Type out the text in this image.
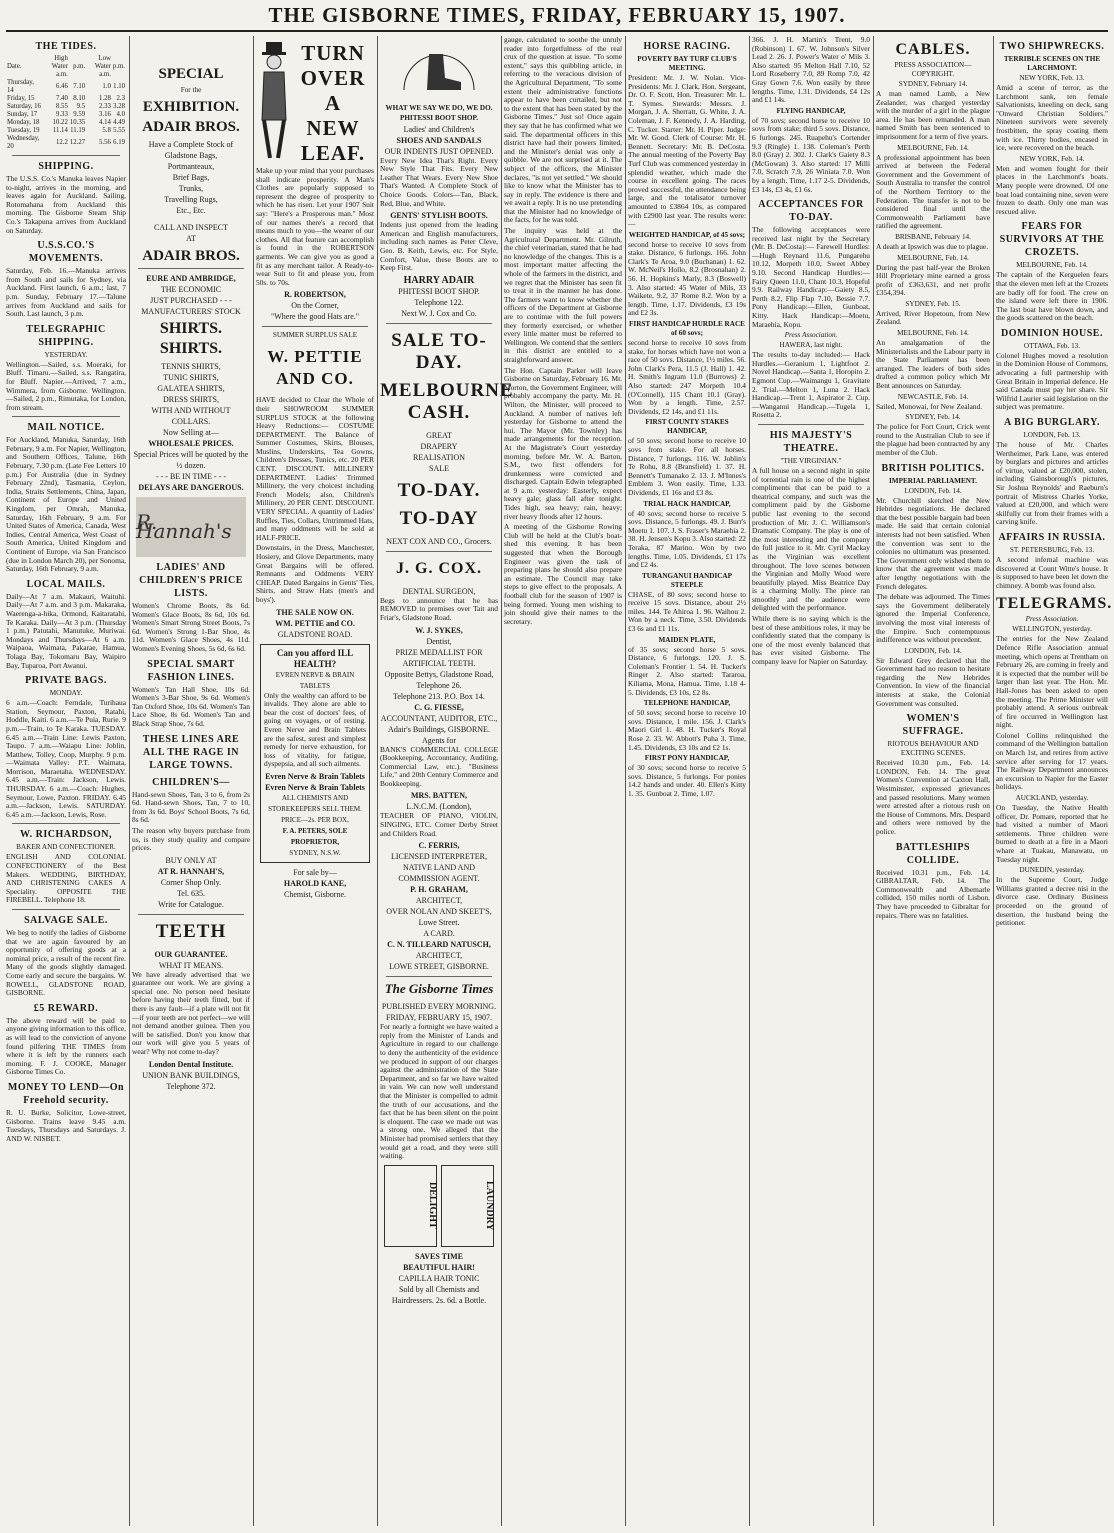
THE GISBORNE TIMES, FRIDAY, FEBRUARY 15, 1907.
THE TIDES.
Date.	High Water a.m.	p.m.	Low Water a.m.	p.m.
Thursday, 14	6.46	7.10	1.0	1.10
Friday, 15	7.40	8.10	1.28	2.3
Saturday, 16	8.55	9.5	2.33	3.28
Sunday, 17	9.33	9.59	3.16	4.0
Monday, 18	10.22	10.35	4.14	4.49
Tuesday, 19	11.14	11.19	5.8	5.55
Wednesday, 20	12.2	12.27	5.56	6.19
SHIPPING.

The U.S.S. Co.'s Manuka leaves Napier to-night, arrives in the morning, and leaves again for Auckland. Sailing, Rotomahana from Auckland this morning. The Gisborne Steam Ship Co.'s Takapuna arrives from Auckland on Saturday.

U.S.S.CO.'S MOVEMENTS.

Saturday, Feb. 16.—Manuka arrives from South and sails for Sydney, via Auckland. First launch, 6 a.m.; last, 7 p.m. Sunday, February 17.—Talune arrives from Auckland and sails for South. Last launch, 3 p.m.

TELEGRAPHIC SHIPPING.
YESTERDAY.

Wellington.—Sailed, s.s. Moeraki, for Bluff. Timaru.—Sailed, s.s. Rangatira, for Bluff. Napier.—Arrived, 7 a.m., Wimmera, from Gisborne. Wellington.—Sailed, 2 p.m., Rimutaka, for London, from stream.

MAIL NOTICE.

For Auckland, Manuka, Saturday, 16th February, 9 a.m. For Napier, Wellington, and Southern Offices, Talune, 16th February, 7.30 p.m. (Late Fee Letters 10 p.m.) For Australia (due in Sydney February 22nd), Tasmania, Ceylon, India, Straits Settlements, China, Japan, Continent of Europe and United Kingdom, per Omrah, Manuka, Saturday, 16th February, 9 a.m. For United States of America, Canada, West Indies, Central America, West Coast of South America, United Kingdom and Continent of Europe, via San Francisco (due in London March 20), per Sonoma, Saturday, 16th February, 9 a.m.

LOCAL MAILS.

Daily—At 7 a.m. Makauri, Waituhi. Daily—At 7 a.m. and 3 p.m. Makaraka, Waerenga-a-hika, Ormond, Kaitaratahi, Te Karaka. Daily—At 3 p.m. (Thursday 1 p.m.) Patutahi, Manutuke, Muriwai. Mondays and Thursdays—At 6 a.m. Waipaoa, Waimata, Pakarae, Hamua, Tolaga Bay, Tokomaru Bay, Waipiro Bay, Tuparoa, Port Awanui.

PRIVATE BAGS.
MONDAY.

6 a.m.—Coach: Ferndale, Turihaua Station, Seymour, Paxton, Ratahi, Hoddle, Kaiti. 6 a.m.—Te Puia, Rurie. 9 p.m.—Train, to Te Karaka. TUESDAY. 6.45 a.m.—Train Line: Lewis Paxton, Taupo. 7 a.m.—Waiapu Line: Joblin, Matthew, Tolley, Coop, Murphy. 9 p.m.—Waimata Valley: P.T. Waimata, Morrison, Maraetaha. WEDNESDAY. 6.45 a.m.—Train: Jackson, Lewis. THURSDAY. 6 a.m.—Coach: Hughes, Seymour, Lowe, Paxton. FRIDAY. 6.45 a.m.—Jackson, Lewis. SATURDAY. 6.45 a.m.—Jackson, Lewis, Rose.

W. RICHARDSON,
BAKER AND CONFECTIONER.

ENGLISH AND COLONIAL CONFECTIONERY of the Best Makers. WEDDING, BIRTHDAY, AND CHRISTENING CAKES A Speciality. OPPOSITE THE FIREBELL. Telephone 18.

SALVAGE SALE.

We beg to notify the ladies of Gisborne that we are again favoured by an opportunity of offering goods at a nominal price, a result of the recent fire. Many of the goods slightly damaged. Come early and secure the bargains. W. ROWELL, GLADSTONE ROAD, GISBORNE.

£5 REWARD.

The above reward will be paid to anyone giving information to this office, as will lead to the conviction of anyone found pilfering THE TIMES from where it is left by the runners each morning. F. J. COOKE, Manager Gisborne Times Co.

MONEY TO LEND—On Freehold security.

R. U. Burke, Solicitor, Lowe-street, Gisborne. Trains leave 9.45 a.m. Tuesdays, Thursdays and Saturdays. J. AND W. NISBET.

SPECIAL
For the
EXHIBITION.
ADAIR BROS.
Have a Complete Stock of
Gladstone Bags,
Portmanteaux,
Brief Bags,
Trunks,
Travelling Rugs,
Etc., Etc.
CALL AND INSPECT
AT
ADAIR BROS.
EURE AND AMBRIDGE,
THE ECONOMIC
JUST PURCHASED - - -
MANUFACTURERS' STOCK
SHIRTS.
SHIRTS.
TENNIS SHIRTS,
TUNIC SHIRTS,
GALATEA SHIRTS,
DRESS SHIRTS,
WITH AND WITHOUT COLLARS.
Now Selling at—
WHOLESALE PRICES.
Special Prices will be quoted by the ½ dozen.
- - - BE IN TIME - - -
DELAYS ARE DANGEROUS.
R. Hannah's
LADIES' AND CHILDREN'S PRICE LISTS.

Women's Chrome Boots, 8s 6d. Women's Glace Boots, 8s 6d, 10s 6d. Women's Smart Strong Street Boots, 7s 6d. Women's Strong 1-Bar Shoe, 4s 11d. Women's Glace Shoes, 4s 11d. Women's Evening Shoes, 5s 6d, 6s 6d.

SPECIAL SMART FASHION LINES.

Women's Tan Hall Shoe, 10s 6d. Women's 3-Bar Shoe, 9s 6d. Women's Tan Oxford Shoe, 10s 6d. Women's Tan Lace Shoe, 8s 6d. Women's Tan and Black Strap Shoe, 7s 6d.

THESE LINES ARE ALL THE RAGE IN LARGE TOWNS.
CHILDREN'S—

Hand-sewn Shoes, Tan, 3 to 6, from 2s 6d. Hand-sewn Shoes, Tan, 7 to 10, from 3s 6d. Boys' School Boots, 7s 6d, 8s 6d.

The reason why buyers purchase from us, is they study quality and compare prices.

BUY ONLY AT
AT R. HANNAH'S,
Corner Shop Only.
Tel. 635.
Write for Catalogue.
TEETH
OUR GUARANTEE.
WHAT IT MEANS.

We have already advertised that we guarantee our work. We are giving a special one. No person need hesitate before having their teeth fitted, but if there is any fault—if a plate will not fit—if your teeth are not perfect—we will not demand another guinea. Then you will be satisfied. Don't you know that our work will give you 5 years of wear? Why not come to-day?

London Dental Institute.
UNION BANK BUILDINGS,
Telephone 372.
TURN
OVER
A
NEW
LEAF.

Make up your mind that your purchases shall indicate prosperity. A Man's Clothes are popularly supposed to represent the degree of prosperity to which he has risen. Let your 1907 Suit say: "Here's a Prosperous man." Most of our names there's a record that means much to you—the wearer of our clothes. All that feature can accomplish is found in the ROBERTSON garments. We can give you as good a fit as any merchant tailor. A Ready-to-wear Suit to fit and please you, from 50s. to 70s.

R. ROBERTSON,
On the Corner,
"Where the good Hats are."
SUMMER SURPLUS SALE
W. PETTIE AND CO.

HAVE decided to Clear the Whole of their SHOWROOM SUMMER SURPLUS STOCK at the following Heavy Reductions:— COSTUME DEPARTMENT. The Balance of Summer Costumes, Skirts, Blouses, Muslins, Underskirts, Tea Gowns, Children's Dresses, Tunics, etc. 20 PER CENT. DISCOUNT. MILLINERY DEPARTMENT. Ladies' Trimmed Millinery, the very choicest including French Models; also, Children's Millinery, 20 PER CENT. DISCOUNT. VERY SPECIAL. A quantity of Ladies' Ruffles, Ties, Collars, Untrimmed Hats, and many oddments will be sold at HALF-PRICE.

Downstairs, in the Dress, Manchester, Hosiery, and Glove Departments, many Great Bargains will be offered. Remnants and Oddments VERY CHEAP. Dated Bargains in Gents' Ties, Shirts, and Straw Hats (men's and boys').

THE SALE NOW ON.
WM. PETTIE and CO.
GLADSTONE ROAD.
Can you afford ILL HEALTH?
EVREN NERVE & BRAIN TABLETS

Only the wealthy can afford to be invalids. They alone are able to bear the cost of doctors' fees, of going on voyages, or of resting. Evren Nerve and Brain Tablets are the safest, surest and simplest remedy for nerve exhaustion, for loss of vitality, for fatigue, dyspepsia, and all such ailments.

Evren Nerve & Brain Tablets
Evren Nerve & Brain Tablets
ALL CHEMISTS AND STOREKEEPERS SELL THEM.
PRICE—2s. PER BOX,
F. A. PETERS, SOLE PROPRIETOR,
SYDNEY, N.S.W.
For sale by—
HAROLD KANE,
Chemist, Gisborne.
WHAT WE SAY WE DO, WE DO.
PHITESSI BOOT SHOP.
Ladies' and Children's
SHOES AND SANDALS
OUR INDENTS JUST OPENED.

Every New Idea That's Right. Every New Style That Fits. Every New Leather That Wears. Every New Shoe That's Wanted. A Complete Stock of Choice Goods. Colors—Tan, Black, Red, Blue, and White.

GENTS' STYLISH BOOTS.

Indents just opened from the leading American and English manufacturers, including such names as Peter Cleve, Geo. B. Keith, Lewis, etc. For Style, Comfort, Value, these Boots are to Keep First.

HARRY ADAIR
PHITESSI BOOT SHOP.
Telephone 122.
Next W. J. Cox and Co.
SALE TO-DAY.
MELBOURNE CASH.
GREAT
DRAPERY
REALISATION
SALE
TO-DAY.
TO-DAY
NEXT COX AND CO., Grocers.
J. G. COX.
DENTAL SURGEON,

Begs to announce that he has REMOVED to premises over Tait and Friar's, Gladstone Road.

W. J. SYKES,
Dentist,
PRIZE MEDALLIST FOR ARTIFICIAL TEETH.
Opposite Bettys, Gladstone Road, Telephone 26.
Telephone 213. P.O. Box 14.
C. G. FIESSE,
ACCOUNTANT, AUDITOR, ETC.,
Adair's Buildings, GISBORNE.
Agents for

BANK'S COMMERCIAL COLLEGE (Bookkeeping, Accountancy, Auditing, Commercial Law, etc.). "Business Life," and 20th Century Commerce and Bookkeeping.

MRS. BATTEN,
L.N.C.M. (London),

TEACHER OF PIANO, VIOLIN, SINGING, ETC. Corner Derby Street and Childers Road.

C. FERRIS,
LICENSED INTERPRETER, NATIVE LAND AND COMMISSION AGENT.
P. H. GRAHAM,
ARCHITECT,
OVER NOLAN AND SKEET'S, Lowe Street.
A CARD.
C. N. TILLEARD NATUSCH,
ARCHITECT,
LOWE STREET, GISBORNE.
The Gisborne Times
PUBLISHED EVERY MORNING.
FRIDAY, FEBRUARY 15, 1907.

For nearly a fortnight we have waited a reply from the Minister of Lands and Agriculture in regard to our challenge to deny the authenticity of the evidence we produced in support of our charges against the administration of the State Department, and so far we have waited in vain. We can now well understand that the Minister is compelled to admit the truth of our accusations, and the fact that he has been silent on the point is eloquent. The case we made out was a strong one. We alleged that the Minister had promised settlers that they would get a road, and they were still waiting.

DELIGHT	LAUNDRY
SAVES TIME
BEAUTIFUL HAIR!
CAPILLA HAIR TONIC
Sold by all Chemists and Hairdressers. 2s. 6d. a Bottle.

gauge, calculated to soothe the unruly reader into forgetfulness of the real crux of the question at issue. "To some extent," says this quibbling article, in referring to the veracious division of the Agricultural Department, "To some extent their administrative functions appear to have been curtailed, but not to the extent that has been stated by the Gisborne Times." Just so! Once again they say that he has confirmed what we said. The departmental officers in this district have had their powers limited, and the Minister's denial was only a quibble. We are not surprised at it. The subject of the officers, the Minister declares, "is not yet settled." We should like to know what the Minister has to say in reply. The evidence is there and we await a reply. It is no use pretending that the Minister had no knowledge of the facts, for he was told.

The inquiry was held at the Agricultural Department. Mr. Gilruth, the chief veterinarian, stated that he had no knowledge of the changes. This is a most important matter affecting the whole of the farmers in the district, and we regret that the Minister has seen fit to treat it in the manner he has done. The farmers want to know whether the officers of the Department at Gisborne are to continue with the full powers they formerly exercised, or whether every little matter must be referred to Wellington. We contend that the settlers in this district are entitled to a straightforward answer.

The Hon. Captain Parker will leave Gisborne on Saturday, February 16. Mr. Morton, the Government Engineer, will probably accompany the party. Mr. H. Wilton, the Minister, will proceed to Auckland. A number of natives left yesterday for Gisborne to attend the hui. The Mayor (Mr. Townley) has made arrangements for the reception. At the Magistrate's Court yesterday morning, before Mr. W. A. Barton, S.M., two first offenders for drunkenness were convicted and discharged. Captain Edwin telegraphed at 9 a.m. yesterday: Easterly, expect heavy gale; glass fall after tonight. Tides high, sea heavy; rain, heavy; river heavy floods after 12 hours.

A meeting of the Gisborne Rowing Club will be held at the Club's boat-shed this evening. It has been suggested that when the Borough Engineer was given the task of preparing plans he should also prepare an estimate. The Council may take steps to give effect to the proposals. A football club for the season of 1907 is being formed. Young men wishing to join should give their names to the secretary.

HORSE RACING.
POVERTY BAY TURF CLUB'S MEETING.

President: Mr. J. W. Nolan. Vice-Presidents: Mr. J. Clark, Hon. Sergeant, Dr. O. F. Scott, Hon. Treasurer: Mr. L. T. Symes. Stewards: Messrs. J. Morgan, J. A. Sherratt, G. White, J. A. Coleman, J. F. Kennedy, J. A. Harding, C. Tucker. Starter: Mr. H. Piper. Judge: Mr. W. Good. Clerk of Course: Mr. H. Bennett. Secretary: Mr. B. DeCosta. The annual meeting of the Poverty Bay Turf Club was commenced yesterday in splendid weather, which made the course in excellent going. The races proved successful, the attendance being large, and the totalisator turnover amounted to £3864 10s, as compared with £2900 last year. The results were:—

WEIGHTED HANDICAP, of 45 sovs;

second horse to receive 10 sovs from stake. Distance, 6 furlongs. 166. John Clark's Te Aroa, 9.0 (Buchanan) 1. 62. W. McNeil's Hollo, 8.2 (Brosnahan) 2. 56. H. Hopkins's Marly, 8.3 (Boswell) 3. Also started: 45 Water of Mils, 33 Waikete, 9.2, 37 Rome 8.2. Won by a length. Time, 1.17. Dividends, £3 19s and £2 3s.

FIRST HANDICAP HURDLE RACE of 60 sovs;

second horse to receive 10 sovs from stake, for horses which have not won a race of 50 sovs. Distance, 1½ miles. 56. John Clark's Pera, 11.5 (J. Hall) 1. 42. H. Smith's Ingram 11.0 (Burrows) 2. Also started: 247 Morpeth 10.4 (O'Connell), 115 Chant 10.1 (Gray). Won by a length. Time, 2.57. Dividends, £2 14s, and £1 11s.

FIRST COUNTY STAKES HANDICAP,

of 50 sovs; second horse to receive 10 sovs from stake. For all horses. Distance, 7 furlongs. 116. W. Joblin's Te Rohu, 8.8 (Bransfield) 1. 37. H. Bennett's Tumanako 2. 13. J. M'Innes's Emblem 3. Won easily. Time, 1.33. Dividends, £1 16s and £3 8s.

TRIAL HACK HANDICAP,

of 40 sovs; second horse to receive 5 sovs. Distance, 5 furlongs. 49. J. Burr's Moetu 1. 107. J. S. Fraser's Maraehia 2. 38. H. Jensen's Kopu 3. Also started: 22 Teraka, 87 Marino. Won by two lengths. Time, 1.05. Dividends, £1 17s and £2 4s.

TURANGANUI HANDICAP STEEPLE

CHASE, of 80 sovs; second horse to receive 15 sovs. Distance, about 2½ miles. 144. Te Ahiroa 1. 96. Waihou 2. Won by a neck. Time, 3.50. Dividends £3 6s and £1 11s.

MAIDEN PLATE,

of 35 sovs; second horse 5 sovs. Distance, 6 furlongs. 120. J. S. Coleman's Frontier 1. 54. H. Tucker's Ringer 2. Also started: Tararoa, Kiliama, Mona, Hamua. Time, 1.18 4-5. Dividends, £3 10s, £2 8s.

TELEPHONE HANDICAP,

of 50 sovs; second horse to receive 10 sovs. Distance, 1 mile. 156. J. Clark's Maori Girl 1. 48. H. Tucker's Royal Rose 2. 33. W. Abbott's Puha 3. Time, 1.45. Dividends, £3 10s and £2 1s.

FIRST PONY HANDICAP,

of 30 sovs; second horse to receive 5 sovs. Distance, 5 furlongs. For ponies 14.2 hands and under. 40. Ellen's Kitty 1. 35. Gunboat 2. Time, 1.07.

366. J. H. Martin's Trent, 9.0 (Robinson) 1. 67. W. Johnson's Silver Lead 2. 26. J. Power's Water o' Mils 3. Also started: 95 Melton Hall 7.10, 52 Lord Roseberry 7.0, 89 Romp 7.0, 42 Gray Gown 7.6. Won easily by three lengths. Time, 1.31. Dividends, £4 12s and £1 14s.

FLYING HANDICAP,

of 70 sovs; second horse to receive 10 sovs from stake; third 5 sovs. Distance, 6 furlongs. 245. Ruapehu's Cortender 9.3 (Ringle) 1. 138. Coleman's Perth 8.0 (Gray) 2. 302. J. Clark's Gaiety 8.3 (McGowan) 3. Also started: 17 Milli 7.0, Scratch 7.9, 26 Winiata 7.0. Won by a length. Time, 1.17 2-5. Dividends, £3 14s, £3 4s, £1 6s.

ACCEPTANCES FOR TO-DAY.

The following acceptances were received last night by the Secretary (Mr. B. DeCosta):— Farewell Hurdles:—Hugh Reynard 11.6, Pungarehu 10.12, Morpeth 10.0, Sweet Abbey 9.10. Second Handicap Hurdles:—Fairy Queen 11.0, Chant 10.3, Hopeful 9.9. Railway Handicap:—Gaiety 8.5, Perth 8.2, Flip Flap 7.10, Bessie 7.7. Pony Handicap:—Ellen, Gunboat, Kitty. Hack Handicap:—Moetu, Maraehia, Kopu.

Press Association.
HAWERA, last night.

The results to-day included:— Hack Hurdles.—Geranium 1, Lightfoot 2. Novel Handicap.—Santa 1, Horopito 2. Egmont Cup.—Waimangu 1, Gravitate 2. Trial.—Melton 1, Luna 2. Hack Handicap.—Trent 1, Aspirator 2. Cup.—Wanganui Handicap.—Tugela 1, Rosetta 2.

HIS MAJESTY'S THEATRE.
"THE VIRGINIAN."

A full house on a second night in spite of torrential rain is one of the highest compliments that can be paid to a theatrical company, and such was the compliment paid by the Gisborne public last evening to the second production of Mr. J. C. Williamson's Dramatic Company. The play is one of the most interesting and the company do full justice to it. Mr. Cyril Mackay as the Virginian was excellent throughout. The love scenes between the Virginian and Molly Wood were beautifully played. Miss Beatrice Day is a charming Molly. The piece ran smoothly and the audience were delighted with the performance.

While there is no saying which is the best of these ambitious roles, it may be confidently stated that the company is one of the most evenly balanced that has ever visited Gisborne. The company leave for Napier on Saturday.

CABLES.
PRESS ASSOCIATION—COPYRIGHT.
SYDNEY, February 14.

A man named Lamb, a New Zealander, was charged yesterday with the murder of a girl in the plague area. He has been remanded. A man named Smith has been sentenced to imprisonment for a term of five years.

MELBOURNE, Feb. 14.

A professional appointment has been arrived at between the Federal Government and the Government of South Australia to transfer the control of the Northern Territory to the Federation. The transfer is not to be considered final until the Commonwealth Parliament have ratified the agreement.

BRISBANE, February 14.

A death at Ipswich was due to plague.

MELBOURNE, Feb. 14.

During the past half-year the Broken Hill Proprietary mine earned a gross profit of £363,631, and net profit £354,394.

SYDNEY, Feb. 15.

Arrived, River Hopetoun, from New Zealand.

MELBOURNE, Feb. 14.

An amalgamation of the Ministerialists and the Labour party in the State Parliament has been arranged. The leaders of both sides drafted a common policy which Mr Bent announces on Saturday.

NEWCASTLE, Feb. 14.

Sailed, Monowai, for New Zealand.

SYDNEY, Feb. 14.

The police for Fort Court, Crick went round to the Australian Club to see if the plague had been contracted by any member of the Club.

BRITISH POLITICS.
IMPERIAL PARLIAMENT.
LONDON, Feb. 14.

Mr. Churchill sketched the New Hebrides negotiations. He declared that the best possible bargain had been made. He said that certain colonial interests had not been satisfied. When the convention was sent to the colonies no ultimatum was presented. The Government only wished them to know that the agreement was made after lengthy negotiations with the French delegates.

The debate was adjourned. The Times says the Government deliberately ignored the Imperial Conference, involving the most vital interests of the Empire. Such contemptuous indifference was without precedent.

LONDON, Feb. 14.

Sir Edward Grey declared that the Government had no reason to hesitate regarding the New Hebrides Convention. In view of the financial interests at stake, the Colonial Government was consulted.

WOMEN'S SUFFRAGE.
RIOTOUS BEHAVIOUR AND EXCITING SCENES.

Received 10.30 p.m., Feb. 14. LONDON, Feb. 14. The great Women's Convention at Caxton Hall, Westminster, expressed grievances and passed resolutions. Many women were arrested after a riotous rush on the House of Commons. Mrs. Despard and others were removed by the police.

BATTLESHIPS COLLIDE.

Received 10.31 p.m., Feb. 14. GIBRALTAR, Feb. 14. The Commonwealth and Albemarle collided, 150 miles north of Lisbon. They have proceeded to Gibraltar for repairs. There was no fatalities.

TWO SHIPWRECKS.
TERRIBLE SCENES ON THE LARCHMONT.
NEW YORK, Feb. 13.

Amid a scene of terror, as the Larchmont sank, ten female Salvationists, kneeling on deck, sang "Onward Christian Soldiers." Nineteen survivors were severely frostbitten, the spray coating them with ice. Thirty bodies, encased in ice, were recovered on the beach.

NEW YORK, Feb. 14.

Men and women fought for their places in the Larchmont's boats. Many people were drowned. Of one boat load containing nine, seven were frozen to death. Only one man was rescued alive.

FEARS FOR SURVIVORS AT THE CROZETS.
MELBOURNE, Feb. 14.

The captain of the Kerguelen fears that the eleven men left at the Crozets are badly off for food. The crew on the island were left there in 1906. The last boat have blown down, and the goods scattered on the beach.

DOMINION HOUSE.
OTTAWA, Feb. 13.

Colonel Hughes moved a resolution in the Dominion House of Commons, advocating a full partnership with Great Britain in Imperial defence. He said Canada must pay her share. Sir Wilfrid Laurier said legislation on the subject was premature.

A BIG BURGLARY.
LONDON, Feb. 13.

The house of Mr. Charles Wertheimer, Park Lane, was entered by burglars and pictures and articles of virtue, valued at £20,000, stolen, including Gainsborough's pictures, Sir Joshua Reynolds' and Raeburn's portrait of Mistress Charles Yorke, valued at £20,000, and which were skilfully cut from their frames with a carving knife.

AFFAIRS IN RUSSIA.
ST. PETERSBURG, Feb. 13.

A second infernal machine was discovered at Count Witte's house. It is supposed to have been let down the chimney. A bomb was found also.

TELEGRAMS.
Press Association.
WELLINGTON, yesterday.

The entries for the New Zealand Defence Rifle Association annual meeting, which opens at Trentham on February 26, are coming in freely and it is expected that the number will be larger than last year. The Hon. Mr. Hall-Jones has been asked to open the meeting. The Prime Minister will probably attend. A serious outbreak of fire occurred in Wellington last night.

Colonel Collins relinquished the command of the Wellington battalion on March 1st, and retires from active service after serving for 17 years. The Railway Department announces an excursion to Napier for the Easter holidays.

AUCKLAND, yesterday.

On Tuesday, the Native Health officer, Dr. Pomare, reported that he had visited a number of Maori settlements. Three children were burned to death at a fire in a Maori whare at Tuakau, Manawatu, on Tuesday night.

DUNEDIN, yesterday.

In the Supreme Court, Judge Williams granted a decree nisi in the divorce case. Ordinary Business proceeded on the ground of desertion, the husband being the petitioner.
